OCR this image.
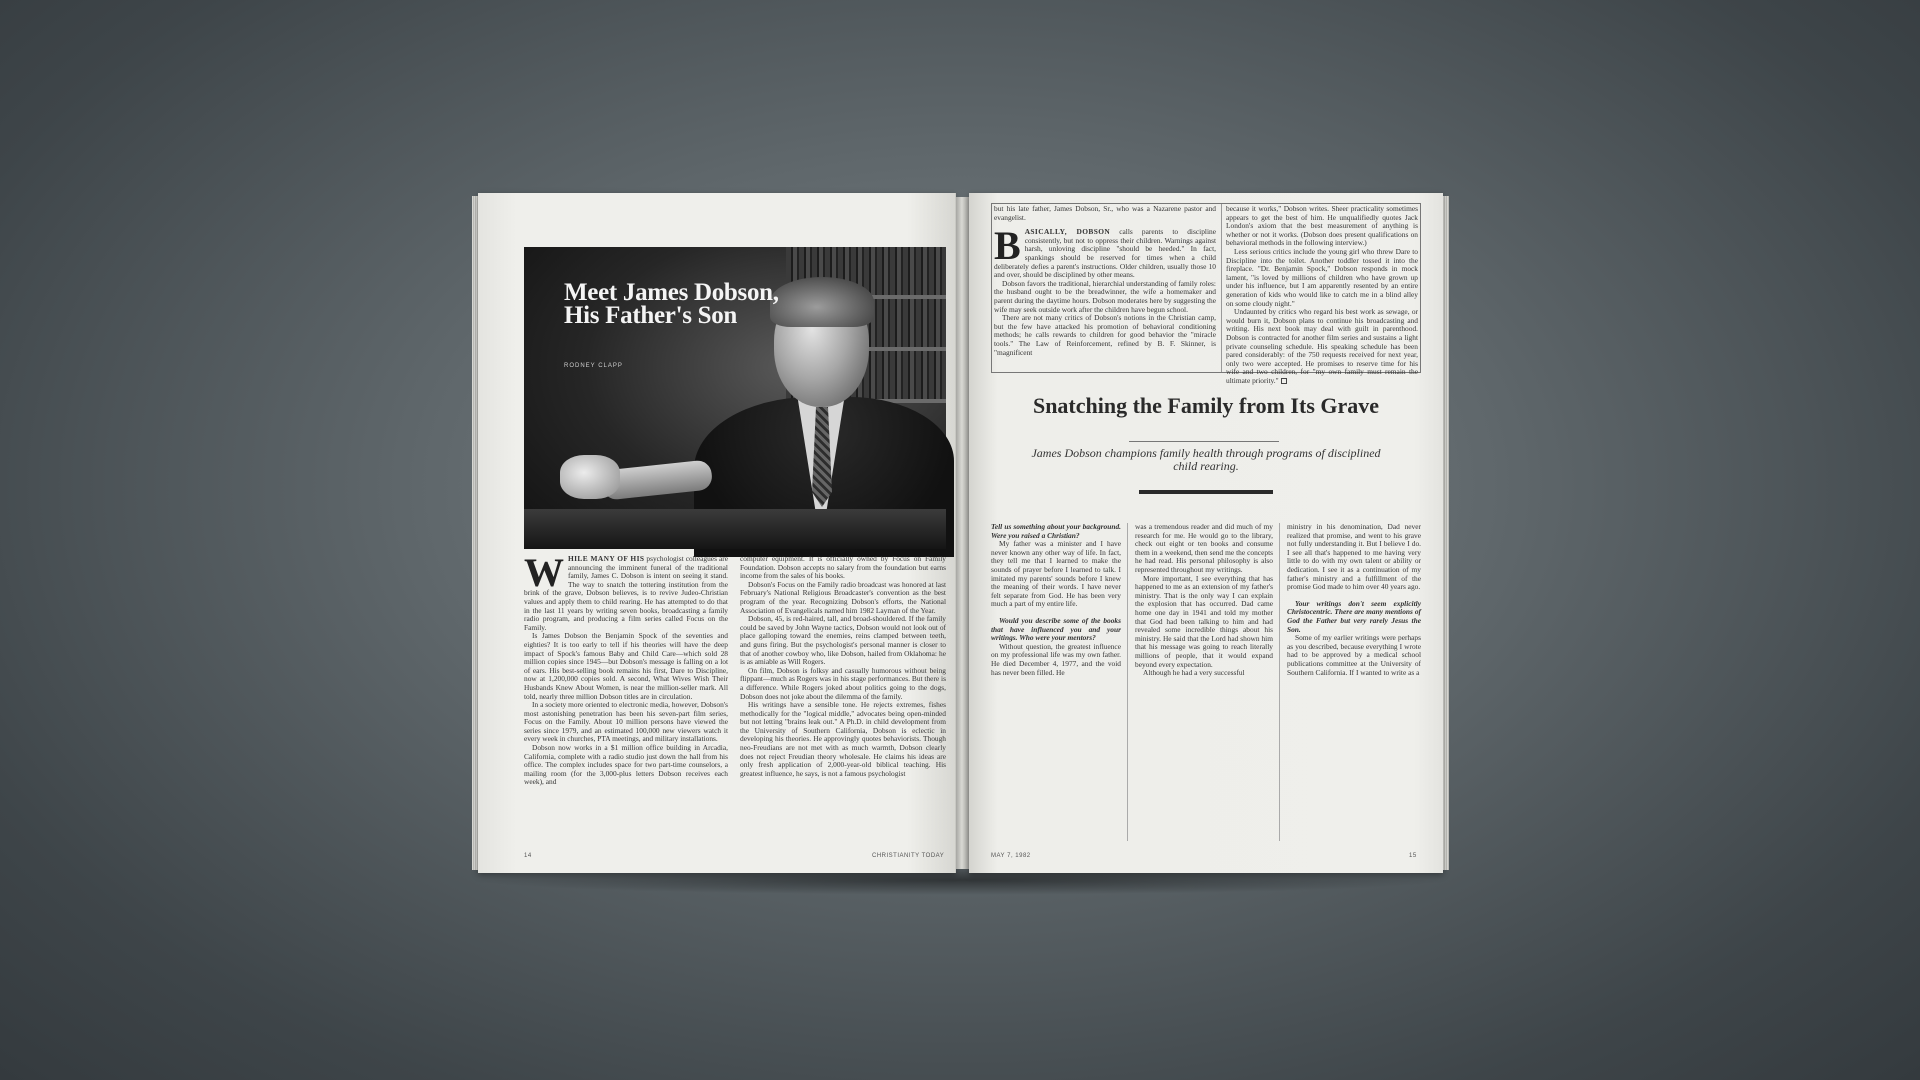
Meet James Dobson, His Father's Son
RODNEY CLAPP

WHILE MANY OF HIS psychologist colleagues are announcing the imminent funeral of the traditional family, James C. Dobson is intent on seeing it stand. The way to snatch the tottering institution from the brink of the grave, Dobson believes, is to revive Judeo-Christian values and apply them to child rearing. He has attempted to do that in the last 11 years by writing seven books, broadcasting a family radio program, and producing a film series called Focus on the Family.

Is James Dobson the Benjamin Spock of the seventies and eighties? It is too early to tell if his theories will have the deep impact of Spock's famous Baby and Child Care—which sold 28 million copies since 1945—but Dobson's message is falling on a lot of ears. His best-selling book remains his first, Dare to Discipline, now at 1,200,000 copies sold. A second, What Wives Wish Their Husbands Knew About Women, is near the million-seller mark. All told, nearly three million Dobson titles are in circulation.

In a society more oriented to electronic media, however, Dobson's most astonishing penetration has been his seven-part film series, Focus on the Family. About 10 million persons have viewed the series since 1979, and an estimated 100,000 new viewers watch it every week in churches, PTA meetings, and military installations.

Dobson now works in a $1 million office building in Arcadia, California, complete with a radio studio just down the hall from his office. The complex includes space for two part-time counselors, a mailing room (for the 3,000-plus letters Dobson receives each week), and

computer equipment. It is officially owned by Focus on Family Foundation. Dobson accepts no salary from the foundation but earns income from the sales of his books.

Dobson's Focus on the Family radio broadcast was honored at last February's National Religious Broadcaster's convention as the best program of the year. Recognizing Dobson's efforts, the National Association of Evangelicals named him 1982 Layman of the Year.

Dobson, 45, is red-haired, tall, and broad-shouldered. If the family could be saved by John Wayne tactics, Dobson would not look out of place galloping toward the enemies, reins clamped between teeth, and guns firing. But the psychologist's personal manner is closer to that of another cowboy who, like Dobson, hailed from Oklahoma: he is as amiable as Will Rogers.

On film, Dobson is folksy and casually humorous without being flippant—much as Rogers was in his stage performances. But there is a difference. While Rogers joked about politics going to the dogs, Dobson does not joke about the dilemma of the family.

His writings have a sensible tone. He rejects extremes, fishes methodically for the "logical middle," advocates being open-minded but not letting "brains leak out." A Ph.D. in child development from the University of Southern California, Dobson is eclectic in developing his theories. He approvingly quotes behaviorists. Though neo-Freudians are not met with as much warmth, Dobson clearly does not reject Freudian theory wholesale. He claims his ideas are only fresh application of 2,000-year-old biblical teaching. His greatest influence, he says, is not a famous psychologist

14	CHRISTIANITY TODAY

but his late father, James Dobson, Sr., who was a Nazarene pastor and evangelist.

BASICALLY, DOBSON calls parents to discipline consistently, but not to oppress their children. Warnings against harsh, unloving discipline "should be heeded." In fact, spankings should be reserved for times when a child deliberately defies a parent's instructions. Older children, usually those 10 and over, should be disciplined by other means.

Dobson favors the traditional, hierarchial understanding of family roles: the husband ought to be the breadwinner, the wife a homemaker and parent during the daytime hours. Dobson moderates here by suggesting the wife may seek outside work after the children have begun school.

There are not many critics of Dobson's notions in the Christian camp, but the few have attacked his promotion of behavioral conditioning methods; he calls rewards to children for good behavior the "miracle tools." The Law of Reinforcement, refined by B. F. Skinner, is "magnificent

because it works," Dobson writes. Sheer practicality sometimes appears to get the best of him. He unqualifiedly quotes Jack London's axiom that the best measurement of anything is whether or not it works. (Dobson does present qualifications on behavioral methods in the following interview.)

Less serious critics include the young girl who threw Dare to Discipline into the toilet. Another toddler tossed it into the fireplace. "Dr. Benjamin Spock," Dobson responds in mock lament, "is loved by millions of children who have grown up under his influence, but I am apparently resented by an entire generation of kids who would like to catch me in a blind alley on some cloudy night."

Undaunted by critics who regard his best work as sewage, or would burn it, Dobson plans to continue his broadcasting and writing. His next book may deal with guilt in parenthood. Dobson is contracted for another film series and sustains a light private counseling schedule. His speaking schedule has been pared considerably: of the 750 requests received for next year, only two were accepted. He promises to reserve time for his wife and two children, for "my own family must remain the ultimate priority."

Snatching the Family from Its Grave
James Dobson champions family health through programs of disciplined child rearing.

Tell us something about your background. Were you raised a Christian?

My father was a minister and I have never known any other way of life. In fact, they tell me that I learned to make the sounds of prayer before I learned to talk. I imitated my parents' sounds before I knew the meaning of their words. I have never felt separate from God. He has been very much a part of my entire life.

Would you describe some of the books that have influenced you and your writings. Who were your mentors?

Without question, the greatest influence on my professional life was my own father. He died December 4, 1977, and the void has never been filled. He

was a tremendous reader and did much of my research for me. He would go to the library, check out eight or ten books and consume them in a weekend, then send me the concepts he had read. His personal philosophy is also represented throughout my writings.

More important, I see everything that has happened to me as an extension of my father's ministry. That is the only way I can explain the explosion that has occurred. Dad came home one day in 1941 and told my mother that God had been talking to him and had revealed some incredible things about his ministry. He said that the Lord had shown him that his message was going to reach literally millions of people, that it would expand beyond every expectation.

Although he had a very successful

ministry in his denomination, Dad never realized that promise, and went to his grave not fully understanding it. But I believe I do. I see all that's happened to me having very little to do with my own talent or ability or dedication. I see it as a continuation of my father's ministry and a fulfillment of the promise God made to him over 40 years ago.

Your writings don't seem explicitly Christocentric. There are many mentions of God the Father but very rarely Jesus the Son.

Some of my earlier writings were perhaps as you described, because everything I wrote had to be approved by a medical school publications committee at the University of Southern California. If I wanted to write as a

MAY 7, 1982	15
